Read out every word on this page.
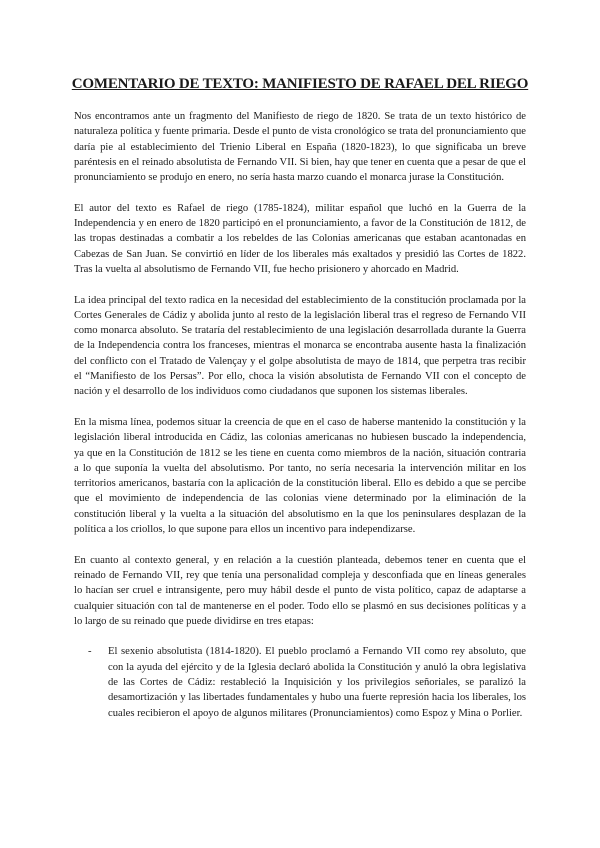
COMENTARIO DE TEXTO: MANIFIESTO DE RAFAEL DEL RIEGO

Nos encontramos ante un fragmento del Manifiesto de riego de 1820. Se trata de un texto histórico de naturaleza política y fuente primaria. Desde el punto de vista cronológico se trata del pronunciamiento que daría pie al establecimiento del Trienio Liberal en España (1820-1823), lo que significaba un breve paréntesis en el reinado absolutista de Fernando VII. Si bien, hay que tener en cuenta que a pesar de que el pronunciamiento se produjo en enero, no sería hasta marzo cuando el monarca jurase la Constitución.

El autor del texto es Rafael de riego (1785-1824), militar español que luchó en la Guerra de la Independencia y en enero de 1820 participó en el pronunciamiento, a favor de la Constitución de 1812, de las tropas destinadas a combatir a los rebeldes de las Colonias americanas que estaban acantonadas en Cabezas de San Juan. Se convirtió en líder de los liberales más exaltados y presidió las Cortes de 1822. Tras la vuelta al absolutismo de Fernando VII, fue hecho prisionero y ahorcado en Madrid.

La idea principal del texto radica en la necesidad del establecimiento de la constitución proclamada por la Cortes Generales de Cádiz y abolida junto al resto de la legislación liberal tras el regreso de Fernando VII como monarca absoluto. Se trataría del restablecimiento de una legislación desarrollada durante la Guerra de la Independencia contra los franceses, mientras el monarca se encontraba ausente hasta la finalización del conflicto con el Tratado de Valençay y el golpe absolutista de mayo de 1814, que perpetra tras recibir el “Manifiesto de los Persas”. Por ello, choca la visión absolutista de Fernando VII con el concepto de nación y el desarrollo de los individuos como ciudadanos que suponen los sistemas liberales.

En la misma línea, podemos situar la creencia de que en el caso de haberse mantenido la constitución y la legislación liberal introducida en Cádiz, las colonias americanas no hubiesen buscado la independencia, ya que en la Constitución de 1812 se les tiene en cuenta como miembros de la nación, situación contraria a lo que suponía la vuelta del absolutismo. Por tanto, no sería necesaria la intervención militar en los territorios americanos, bastaría con la aplicación de la constitución liberal. Ello es debido a que se percibe que el movimiento de independencia de las colonias viene determinado por la eliminación de la constitución liberal y la vuelta a la situación del absolutismo en la que los peninsulares desplazan de la política a los criollos, lo que supone para ellos un incentivo para independizarse.

En cuanto al contexto general, y en relación a la cuestión planteada, debemos tener en cuenta que el reinado de Fernando VII, rey que tenía una personalidad compleja y desconfiada que en líneas generales lo hacían ser cruel e intransigente, pero muy hábil desde el punto de vista político, capaz de adaptarse a cualquier situación con tal de mantenerse en el poder. Todo ello se plasmó en sus decisiones políticas y a lo largo de su reinado que puede dividirse en tres etapas:

- El sexenio absolutista (1814-1820). El pueblo proclamó a Fernando VII como rey absoluto, que con la ayuda del ejército y de la Iglesia declaró abolida la Constitución y anuló la obra legislativa de las Cortes de Cádiz: restableció la Inquisición y los privilegios señoriales, se paralizó la desamortización y las libertades fundamentales y hubo una fuerte represión hacia los liberales, los cuales recibieron el apoyo de algunos militares (Pronunciamientos) como Espoz y Mina o Porlier.
